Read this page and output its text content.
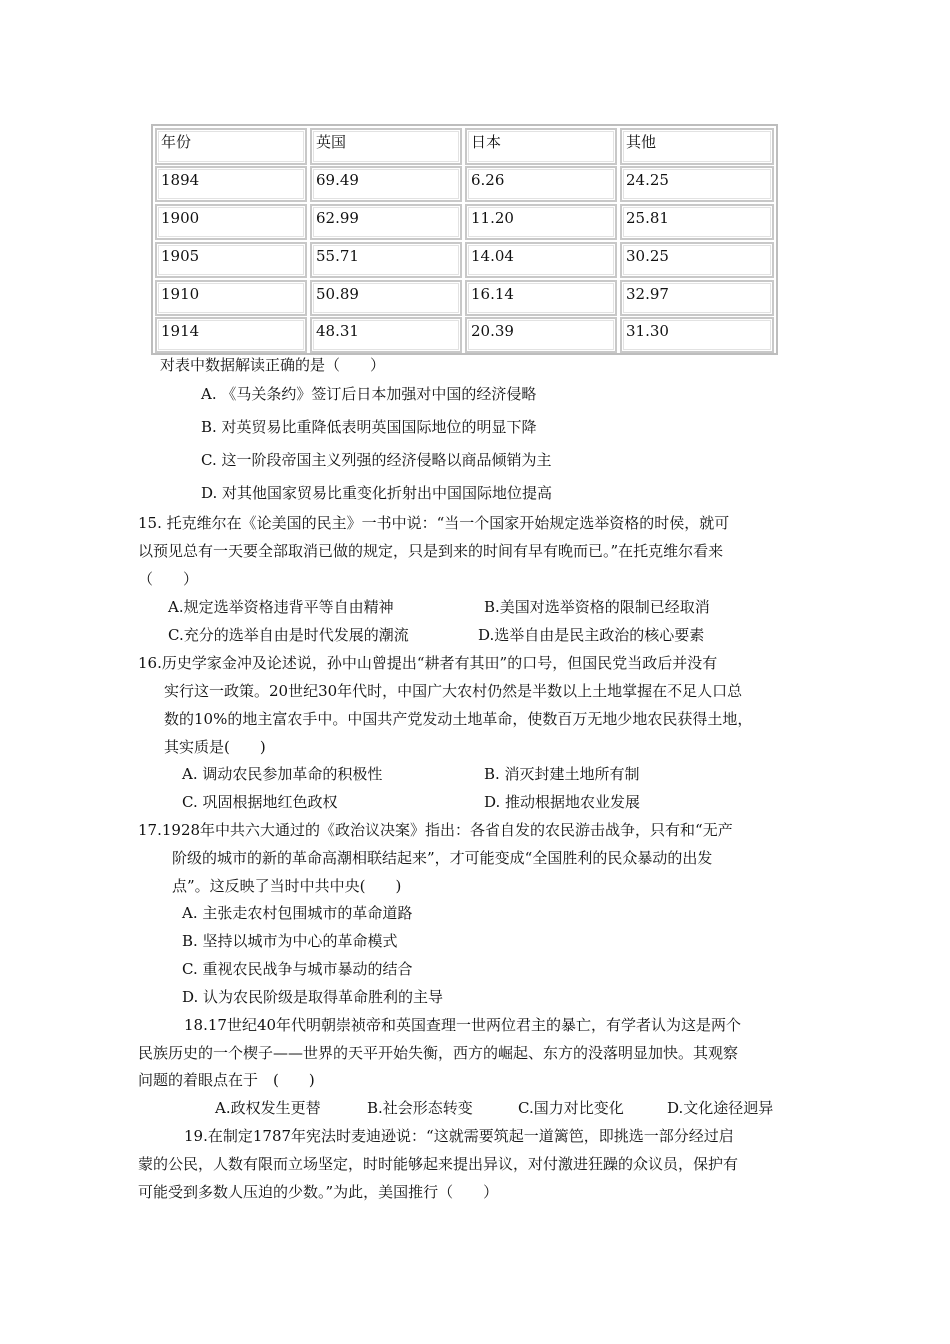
年份	英国	日本	其他
1894	69.49	6.26	24.25
1900	62.99	11.20	25.81
1905	55.71	14.04	30.25
1910	50.89	16.14	32.97
1914	48.31	20.39	31.30
对表中数据解读正确的是（　　）
A. 《马关条约》签订后日本加强对中国的经济侵略
B. 对英贸易比重降低表明英国国际地位的明显下降
C. 这一阶段帝国主义列强的经济侵略以商品倾销为主
D. 对其他国家贸易比重变化折射出中国国际地位提高
15. 托克维尔在《论美国的民主》一书中说：“当一个国家开始规定选举资格的时侯，就可
以预见总有一天要全部取消已做的规定，只是到来的时间有早有晚而已。”在托克维尔看来
（　　）
A.规定选举资格违背平等自由精神	B.美国对选举资格的限制已经取消
C.充分的选举自由是时代发展的潮流	D.选举自由是民主政治的核心要素
16.历史学家金冲及论述说，孙中山曾提出“耕者有其田”的口号，但国民党当政后并没有
实行这一政策。20世纪30年代时，中国广大农村仍然是半数以上土地掌握在不足人口总
数的10%的地主富农手中。中国共产党发动土地革命，使数百万无地少地农民获得土地，
其实质是(　　)
A. 调动农民参加革命的积极性	B. 消灭封建土地所有制
C. 巩固根据地红色政权	D. 推动根据地农业发展
17.1928年中共六大通过的《政治议决案》指出：各省自发的农民游击战争，只有和“无产
阶级的城市的新的革命高潮相联结起来”，才可能变成“全国胜利的民众暴动的出发
点”。这反映了当时中共中央(　　)
A. 主张走农村包围城市的革命道路
B. 坚持以城市为中心的革命模式
C. 重视农民战争与城市暴动的结合
D. 认为农民阶级是取得革命胜利的主导
18.17世纪40年代明朝崇祯帝和英国查理一世两位君主的暴亡，有学者认为这是两个
民族历史的一个楔子——世界的天平开始失衡，西方的崛起、东方的没落明显加快。其观察
问题的着眼点在于　(　　)
A.政权发生更替	B.社会形态转变	C.国力对比变化	D.文化途径迥异
19.在制定1787年宪法时麦迪逊说：“这就需要筑起一道篱笆，即挑选一部分经过启
蒙的公民，人数有限而立场坚定，时时能够起来提出异议，对付激进狂躁的众议员，保护有
可能受到多数人压迫的少数。”为此，美国推行（　　）
